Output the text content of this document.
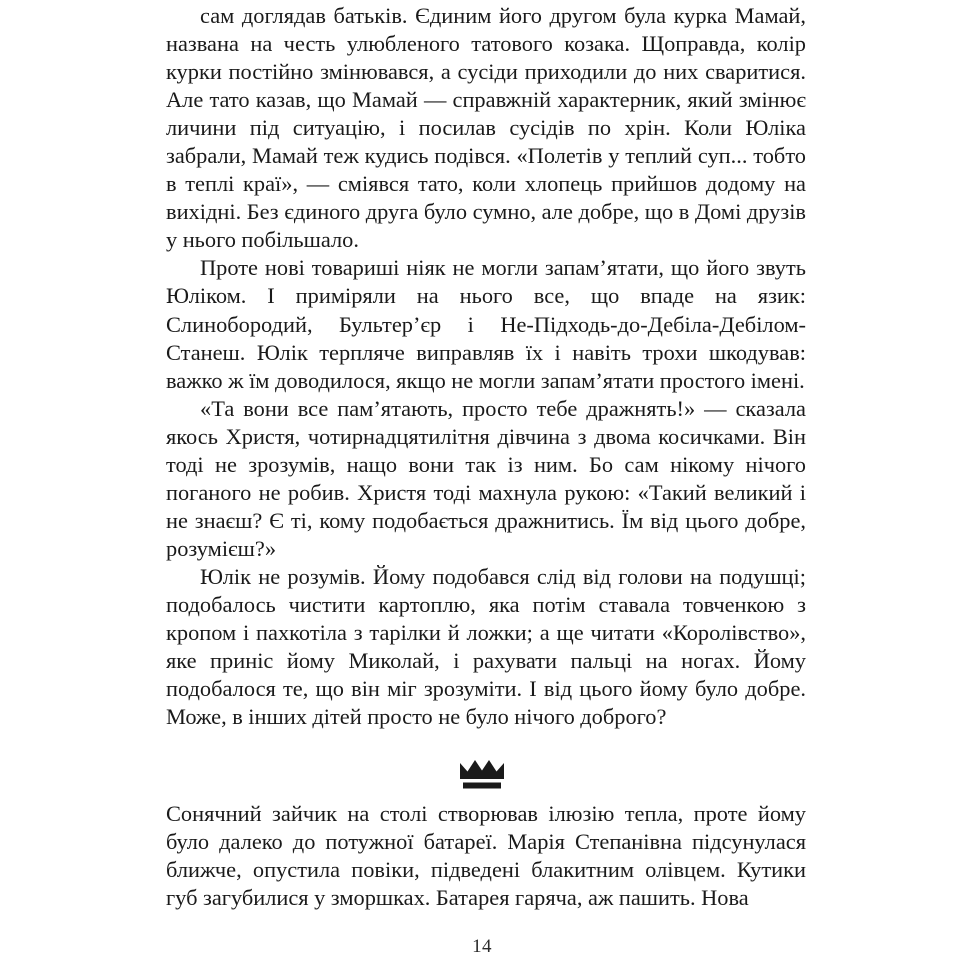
сам доглядав батьків. Єдиним його другом була курка Мамай, названа на честь улюбленого татового козака. Щоправда, колір курки постійно змінювався, а сусіди приходили до них сваритися. Але тато казав, що Мамай — справжній характерник, який змінює личини під ситуацію, і посилав сусідів по хрін. Коли Юліка забрали, Мамай теж кудись подівся. «Полетів у теплий суп... тобто в теплі краї», — сміявся тато, коли хлопець прийшов додому на вихідні. Без єдиного друга було сумно, але добре, що в Домі друзів у нього побільшало.

Проте нові товариші ніяк не могли запам’ятати, що його звуть Юліком. І приміряли на нього все, що впаде на язик: Слинобородий, Бультер’єр і Не-Підходь-до-Дебіла-Дебілом-Станеш. Юлік терпляче виправляв їх і навіть трохи шкодував: важко ж їм доводилося, якщо не могли запам’ятати простого імені.

«Та вони все пам’ятають, просто тебе дражнять!» — сказала якось Христя, чотирнадцятилітня дівчина з двома косичками. Він тоді не зрозумів, нащо вони так із ним. Бо сам нікому нічого поганого не робив. Христя тоді махнула рукою: «Такий великий і не знаєш? Є ті, кому подобається дражнитись. Їм від цього добре, розумієш?»

Юлік не розумів. Йому подобався слід від голови на подушці; подобалось чистити картоплю, яка потім ставала товченкою з кропом і пахкотіла з тарілки й ложки; а ще читати «Королівство», яке приніс йому Миколай, і рахувати пальці на ногах. Йому подобалося те, що він міг зрозуміти. І від цього йому було добре. Може, в інших дітей просто не було нічого доброго?

Сонячний зайчик на столі створював ілюзію тепла, проте йому було далеко до потужної батареї. Марія Степанівна підсунулася ближче, опустила повіки, підведені блакитним олівцем. Кутики губ загубилися у зморшках. Батарея гаряча, аж пашить. Нова

14
